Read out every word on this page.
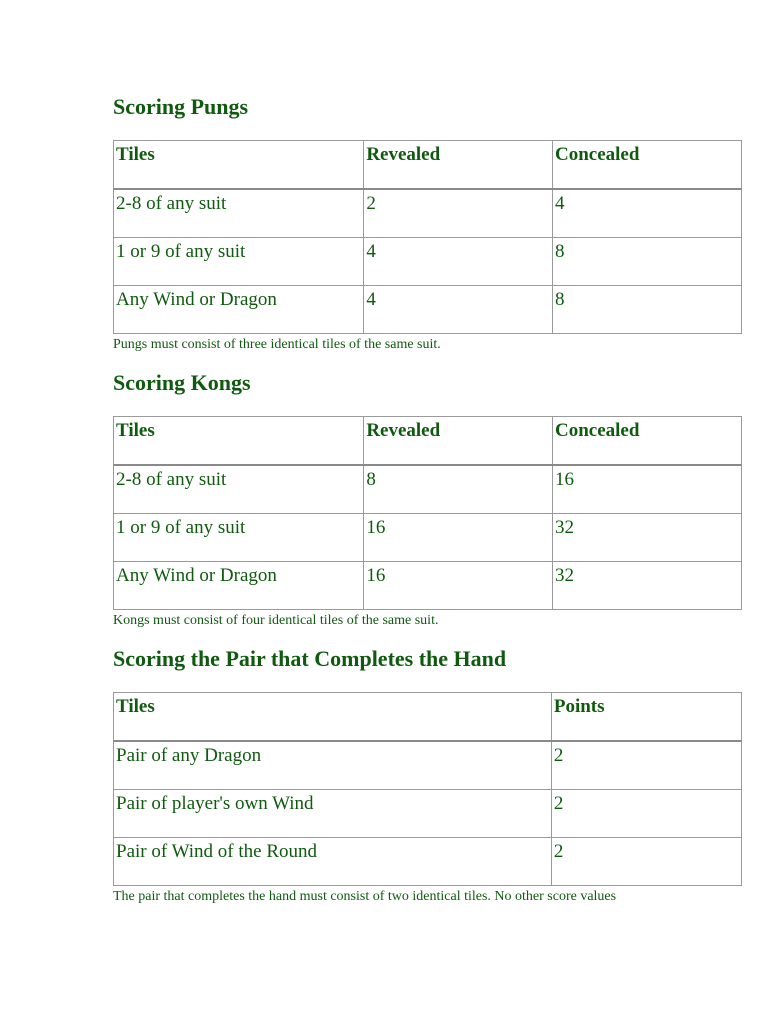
Scoring Pungs
Tiles	Revealed	Concealed
2-8 of any suit	2	4
1 or 9 of any suit	4	8
Any Wind or Dragon	4	8
Pungs must consist of three identical tiles of the same suit.
Scoring Kongs
Tiles	Revealed	Concealed
2-8 of any suit	8	16
1 or 9 of any suit	16	32
Any Wind or Dragon	16	32
Kongs must consist of four identical tiles of the same suit.
Scoring the Pair that Completes the Hand
Tiles	Points
Pair of any Dragon	2
Pair of player's own Wind	2
Pair of Wind of the Round	2
The pair that completes the hand must consist of two identical tiles. No other score values
